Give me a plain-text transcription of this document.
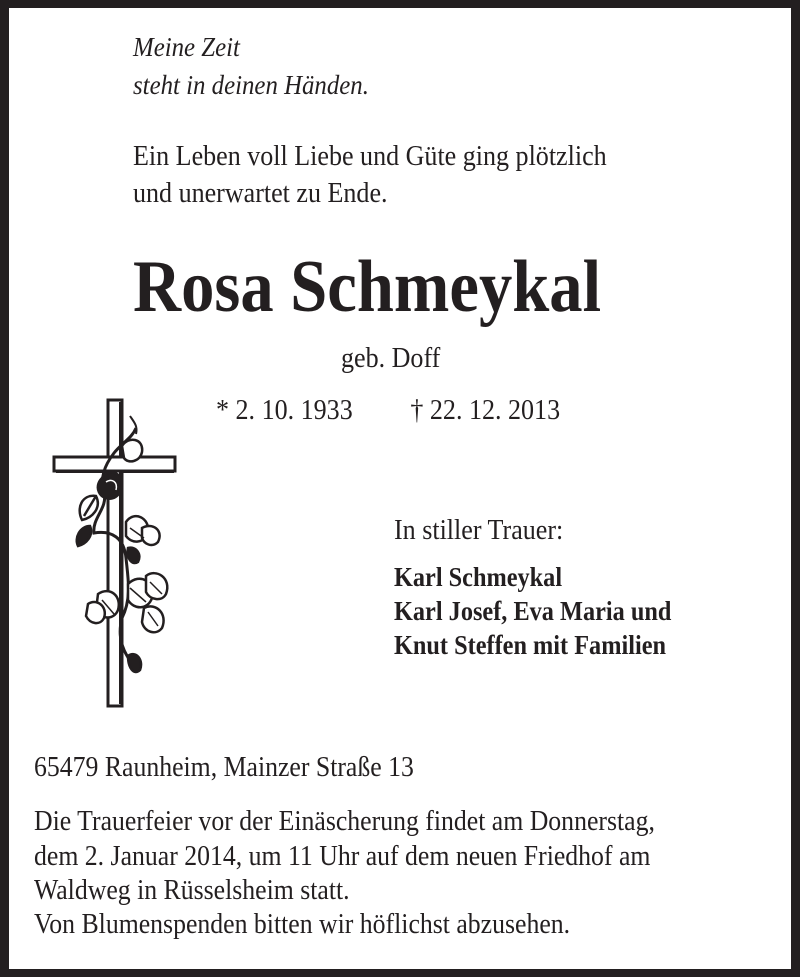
Meine Zeit
steht in deinen Händen.
Ein Leben voll Liebe und Güte ging plötzlich
und unerwartet zu Ende.
Rosa Schmeykal
geb. Doff
* 2. 10. 1933 † 22. 12. 2013
In stiller Trauer:
Karl Schmeykal
Karl Josef, Eva Maria und
Knut Steffen mit Familien
65479 Raunheim, Mainzer Straße 13
Die Trauerfeier vor der Einäscherung findet am Donnerstag,
dem 2. Januar 2014, um 11 Uhr auf dem neuen Friedhof am
Waldweg in Rüsselsheim statt.
Von Blumenspenden bitten wir höflichst abzusehen.
